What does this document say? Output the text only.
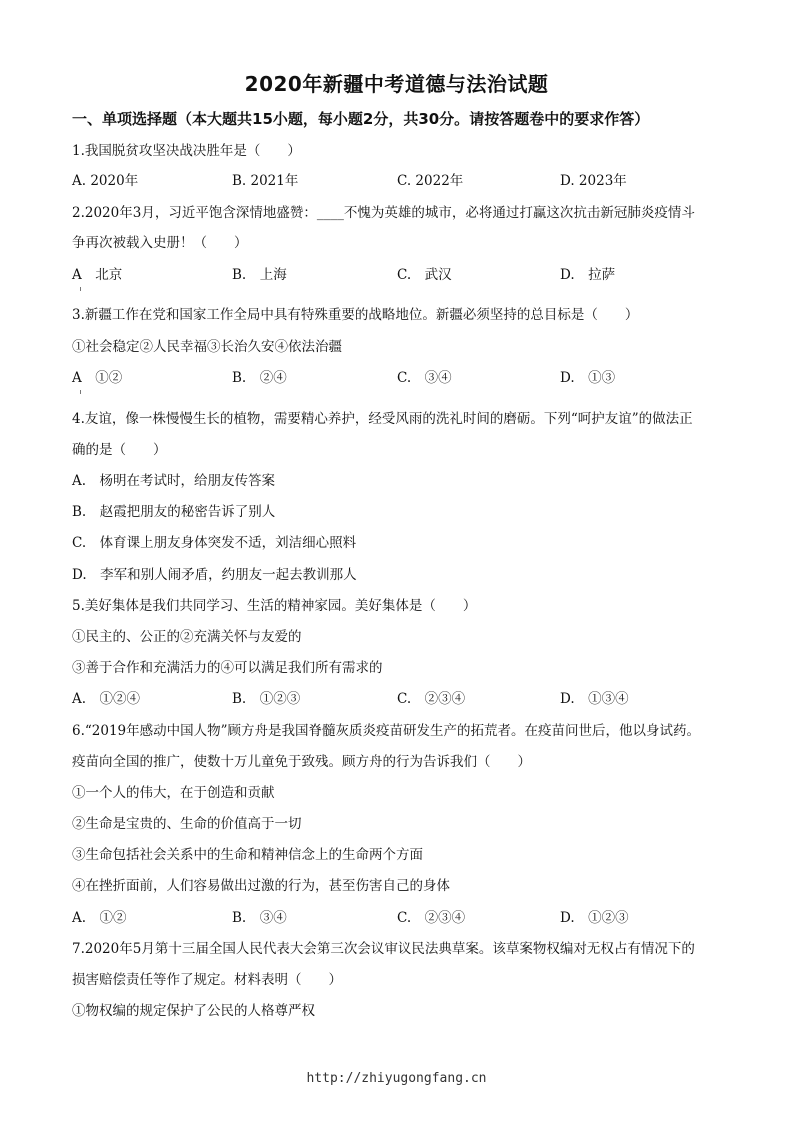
2020年新疆中考道德与法治试题
一、单项选择题（本大题共15小题，每小题2分，共30分。请按答题卷中的要求作答）
1.我国脱贫攻坚决战决胜年是（　　）
A. 2020年	B. 2021年	C. 2022年	D. 2023年
2.2020年3月，习近平饱含深情地盛赞：____不愧为英雄的城市，必将通过打赢这次抗击新冠肺炎疫情斗
争再次被载入史册！（　　）
A　北京	B.　上海	C.　武汉	D.　拉萨
3.新疆工作在党和国家工作全局中具有特殊重要的战略地位。新疆必须坚持的总目标是（　　）
①社会稳定②人民幸福③长治久安④依法治疆
A　①②	B.　②④	C.　③④	D.　①③
4.友谊，像一株慢慢生长的植物，需要精心养护，经受风雨的洗礼时间的磨砺。下列“呵护友谊”的做法正
确的是（　　）
A.　杨明在考试时，给朋友传答案
B.　赵霞把朋友的秘密告诉了别人
C.　体育课上朋友身体突发不适，刘洁细心照料
D.　李军和别人闹矛盾，约朋友一起去教训那人
5.美好集体是我们共同学习、生活的精神家园。美好集体是（　　）
①民主的、公正的②充满关怀与友爱的
③善于合作和充满活力的④可以满足我们所有需求的
A.　①②④	B.　①②③	C.　②③④	D.　①③④
6.“2019年感动中国人物”顾方舟是我国脊髓灰质炎疫苗研发生产的拓荒者。在疫苗问世后，他以身试药。
疫苗向全国的推广，使数十万儿童免于致残。顾方舟的行为告诉我们（　　）
①一个人的伟大，在于创造和贡献
②生命是宝贵的、生命的价值高于一切
③生命包括社会关系中的生命和精神信念上的生命两个方面
④在挫折面前，人们容易做出过激的行为，甚至伤害自己的身体
A.　①②	B.　③④	C.　②③④	D.　①②③
7.2020年5月第十三届全国人民代表大会第三次会议审议民法典草案。该草案物权编对无权占有情况下的
损害赔偿责任等作了规定。材料表明（　　）
①物权编的规定保护了公民的人格尊严权
http://zhiyugongfang.cn
